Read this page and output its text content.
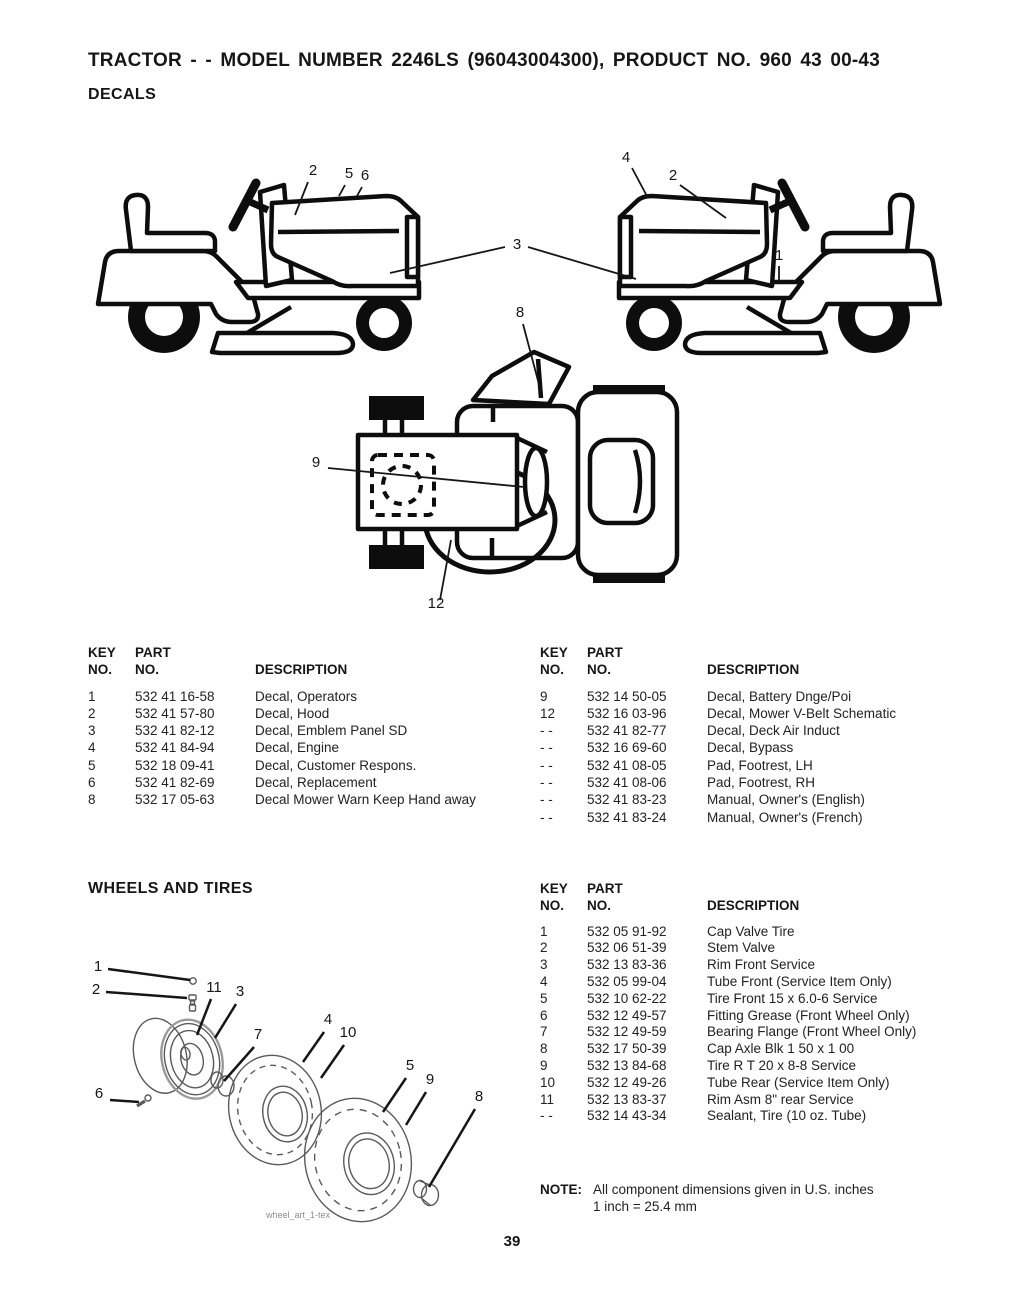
TRACTOR - - MODEL NUMBER 2246LS (96043004300), PRODUCT NO. 960 43 00-43
DECALS
2 5 6
3
4
2
1
8
9
12
KEY	PART
NO.	NO.	DESCRIPTION
1	532 41 16-58	Decal, Operators
2	532 41 57-80	Decal, Hood
3	532 41 82-12	Decal, Emblem Panel SD
4	532 41 84-94	Decal, Engine
5	532 18 09-41	Decal, Customer Respons.
6	532 41 82-69	Decal, Replacement
8	532 17 05-63	Decal Mower Warn Keep Hand away
KEY	PART
NO.	NO.	DESCRIPTION
9	532 14 50-05	Decal, Battery Dnge/Poi
12	532 16 03-96	Decal, Mower V-Belt Schematic
- -	532 41 82-77	Decal, Deck Air Induct
- -	532 16 69-60	Decal, Bypass
- -	532 41 08-05	Pad, Footrest, LH
- -	532 41 08-06	Pad, Footrest, RH
- -	532 41 83-23	Manual, Owner's (English)
- -	532 41 83-24	Manual, Owner's (French)
WHEELS AND TIRES
1
2	11 3
7
6
4
10
5
9
8
wheel_art_1-tex
KEY	PART
NO.	NO.	DESCRIPTION
1	532 05 91-92	Cap Valve Tire
2	532 06 51-39	Stem Valve
3	532 13 83-36	Rim Front Service
4	532 05 99-04	Tube Front (Service Item Only)
5	532 10 62-22	Tire Front 15 x 6.0-6 Service
6	532 12 49-57	Fitting Grease (Front Wheel Only)
7	532 12 49-59	Bearing Flange (Front Wheel Only)
8	532 17 50-39	Cap Axle Blk 1 50 x 1 00
9	532 13 84-68	Tire R T 20 x 8-8 Service
10	532 12 49-26	Tube Rear (Service Item Only)
11	532 13 83-37	Rim Asm 8" rear Service
- -	532 14 43-34	Sealant, Tire (10 oz. Tube)
NOTE: All component dimensions given in U.S. inches
1 inch = 25.4 mm
39
